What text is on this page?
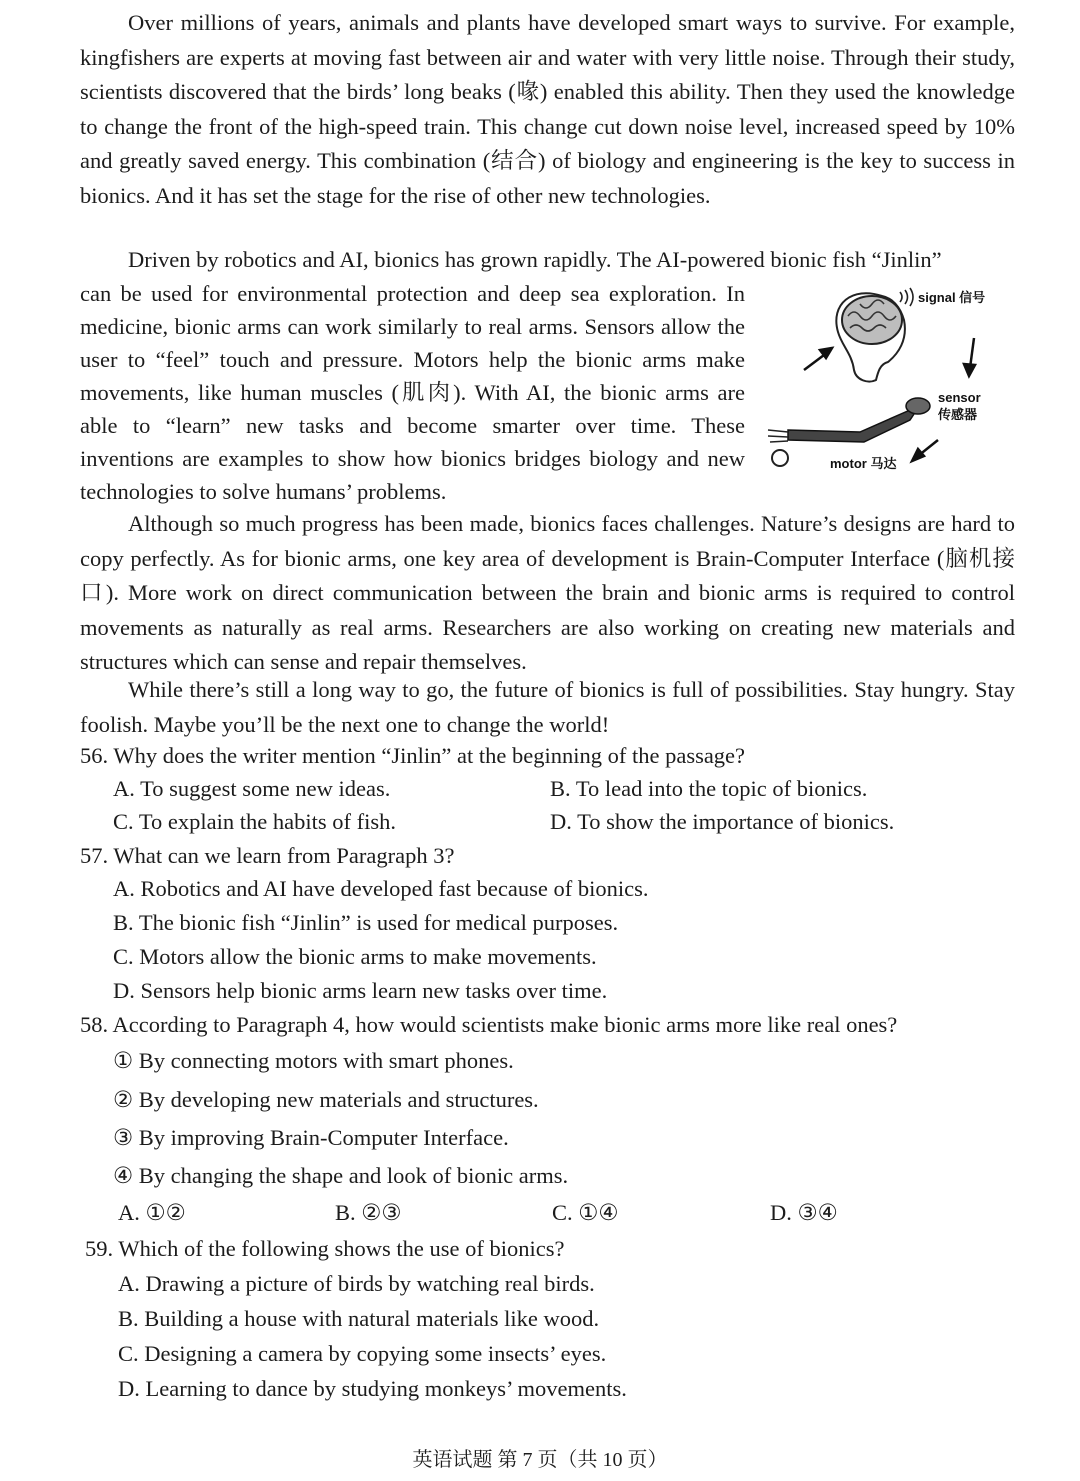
Over millions of years, animals and plants have developed smart ways to survive. For example, kingfishers are experts at moving fast between air and water with very little noise. Through their study, scientists discovered that the birds’ long beaks (喙) enabled this ability. Then they used the knowledge to change the front of the high-speed train. This change cut down noise level, increased speed by 10% and greatly saved energy. This combination (结合) of biology and engineering is the key to success in bionics. And it has set the stage for the rise of other new technologies.

Driven by robotics and AI, bionics has grown rapidly. The AI-powered bionic fish “Jinlin”

can be used for environmental protection and deep sea exploration. In medicine, bionic arms can work similarly to real arms. Sensors allow the user to “feel” touch and pressure. Motors help the bionic arms make movements, like human muscles (肌肉). With AI, the bionic arms are able to “learn” new tasks and become smarter over time. These inventions are examples to show how bionics bridges biology and new technologies to solve humans’ problems.

signal 信号
sensor
传感器
motor 马达

Although so much progress has been made, bionics faces challenges. Nature’s designs are hard to copy perfectly. As for bionic arms, one key area of development is Brain-Computer Interface (脑机接口). More work on direct communication between the brain and bionic arms is required to control movements as naturally as real arms. Researchers are also working on creating new materials and structures which can sense and repair themselves.

While there’s still a long way to go, the future of bionics is full of possibilities. Stay hungry. Stay foolish. Maybe you’ll be the next one to change the world!

56. Why does the writer mention “Jinlin” at the beginning of the passage?
A. To suggest some new ideas.	B. To lead into the topic of bionics.
C. To explain the habits of fish.	D. To show the importance of bionics.
57. What can we learn from Paragraph 3?
A. Robotics and AI have developed fast because of bionics.
B. The bionic fish “Jinlin” is used for medical purposes.
C. Motors allow the bionic arms to make movements.
D. Sensors help bionic arms learn new tasks over time.
58. According to Paragraph 4, how would scientists make bionic arms more like real ones?
① By connecting motors with smart phones.
② By developing new materials and structures.
③ By improving Brain-Computer Interface.
④ By changing the shape and look of bionic arms.
A. ①②	B. ②③	C. ①④	D. ③④
59. Which of the following shows the use of bionics?
A. Drawing a picture of birds by watching real birds.
B. Building a house with natural materials like wood.
C. Designing a camera by copying some insects’ eyes.
D. Learning to dance by studying monkeys’ movements.
英语试题 第 7 页（共 10 页）
